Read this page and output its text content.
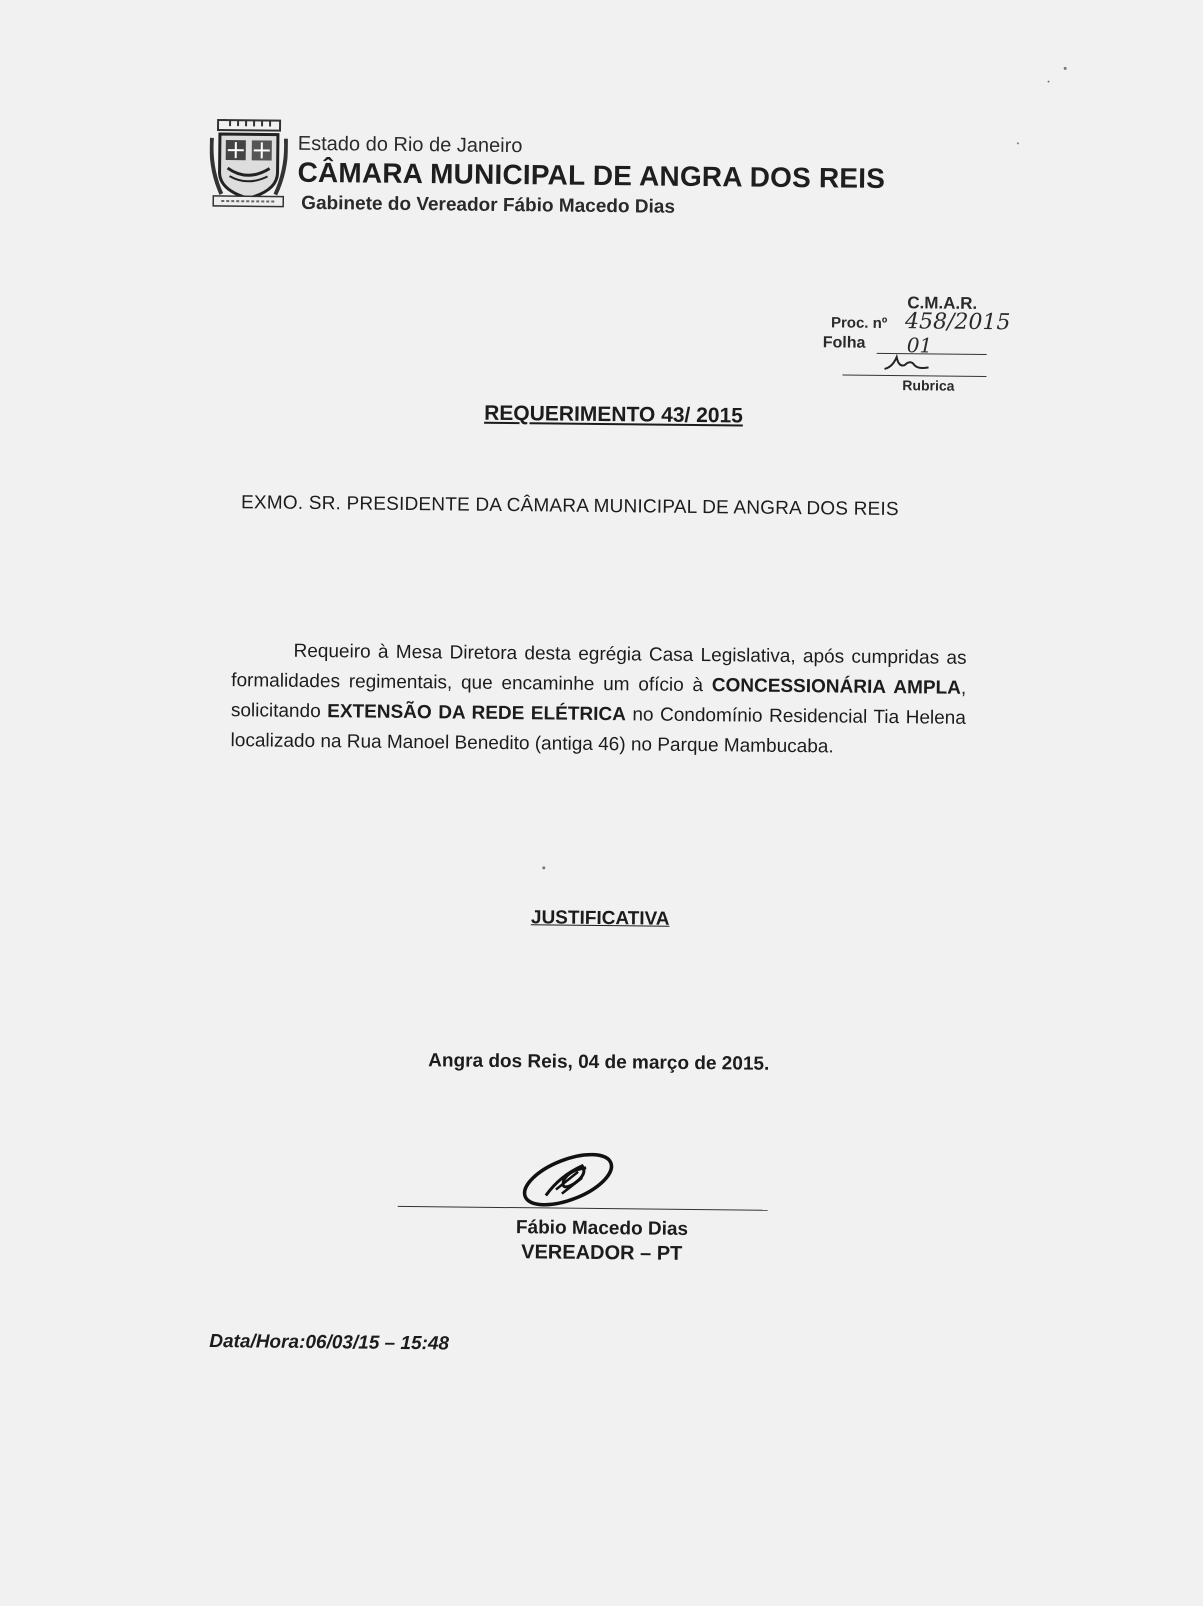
Estado do Rio de Janeiro
CÂMARA MUNICIPAL DE ANGRA DOS REIS
Gabinete do Vereador Fábio Macedo Dias
C.M.A.R.
Proc. nº 458/2015
Folha 01
Rubrica
REQUERIMENTO 43/ 2015
EXMO. SR. PRESIDENTE DA CÂMARA MUNICIPAL DE ANGRA DOS REIS

Requeiro à Mesa Diretora desta egrégia Casa Legislativa, após cumpridas as formalidades regimentais, que encaminhe um ofício à CONCESSIONÁRIA AMPLA, solicitando EXTENSÃO DA REDE ELÉTRICA no Condomínio Residencial Tia Helena localizado na Rua Manoel Benedito (antiga 46) no Parque Mambucaba.

JUSTIFICATIVA
Angra dos Reis, 04 de março de 2015.
Fábio Macedo Dias
VEREADOR – PT
Data/Hora:06/03/15 – 15:48
